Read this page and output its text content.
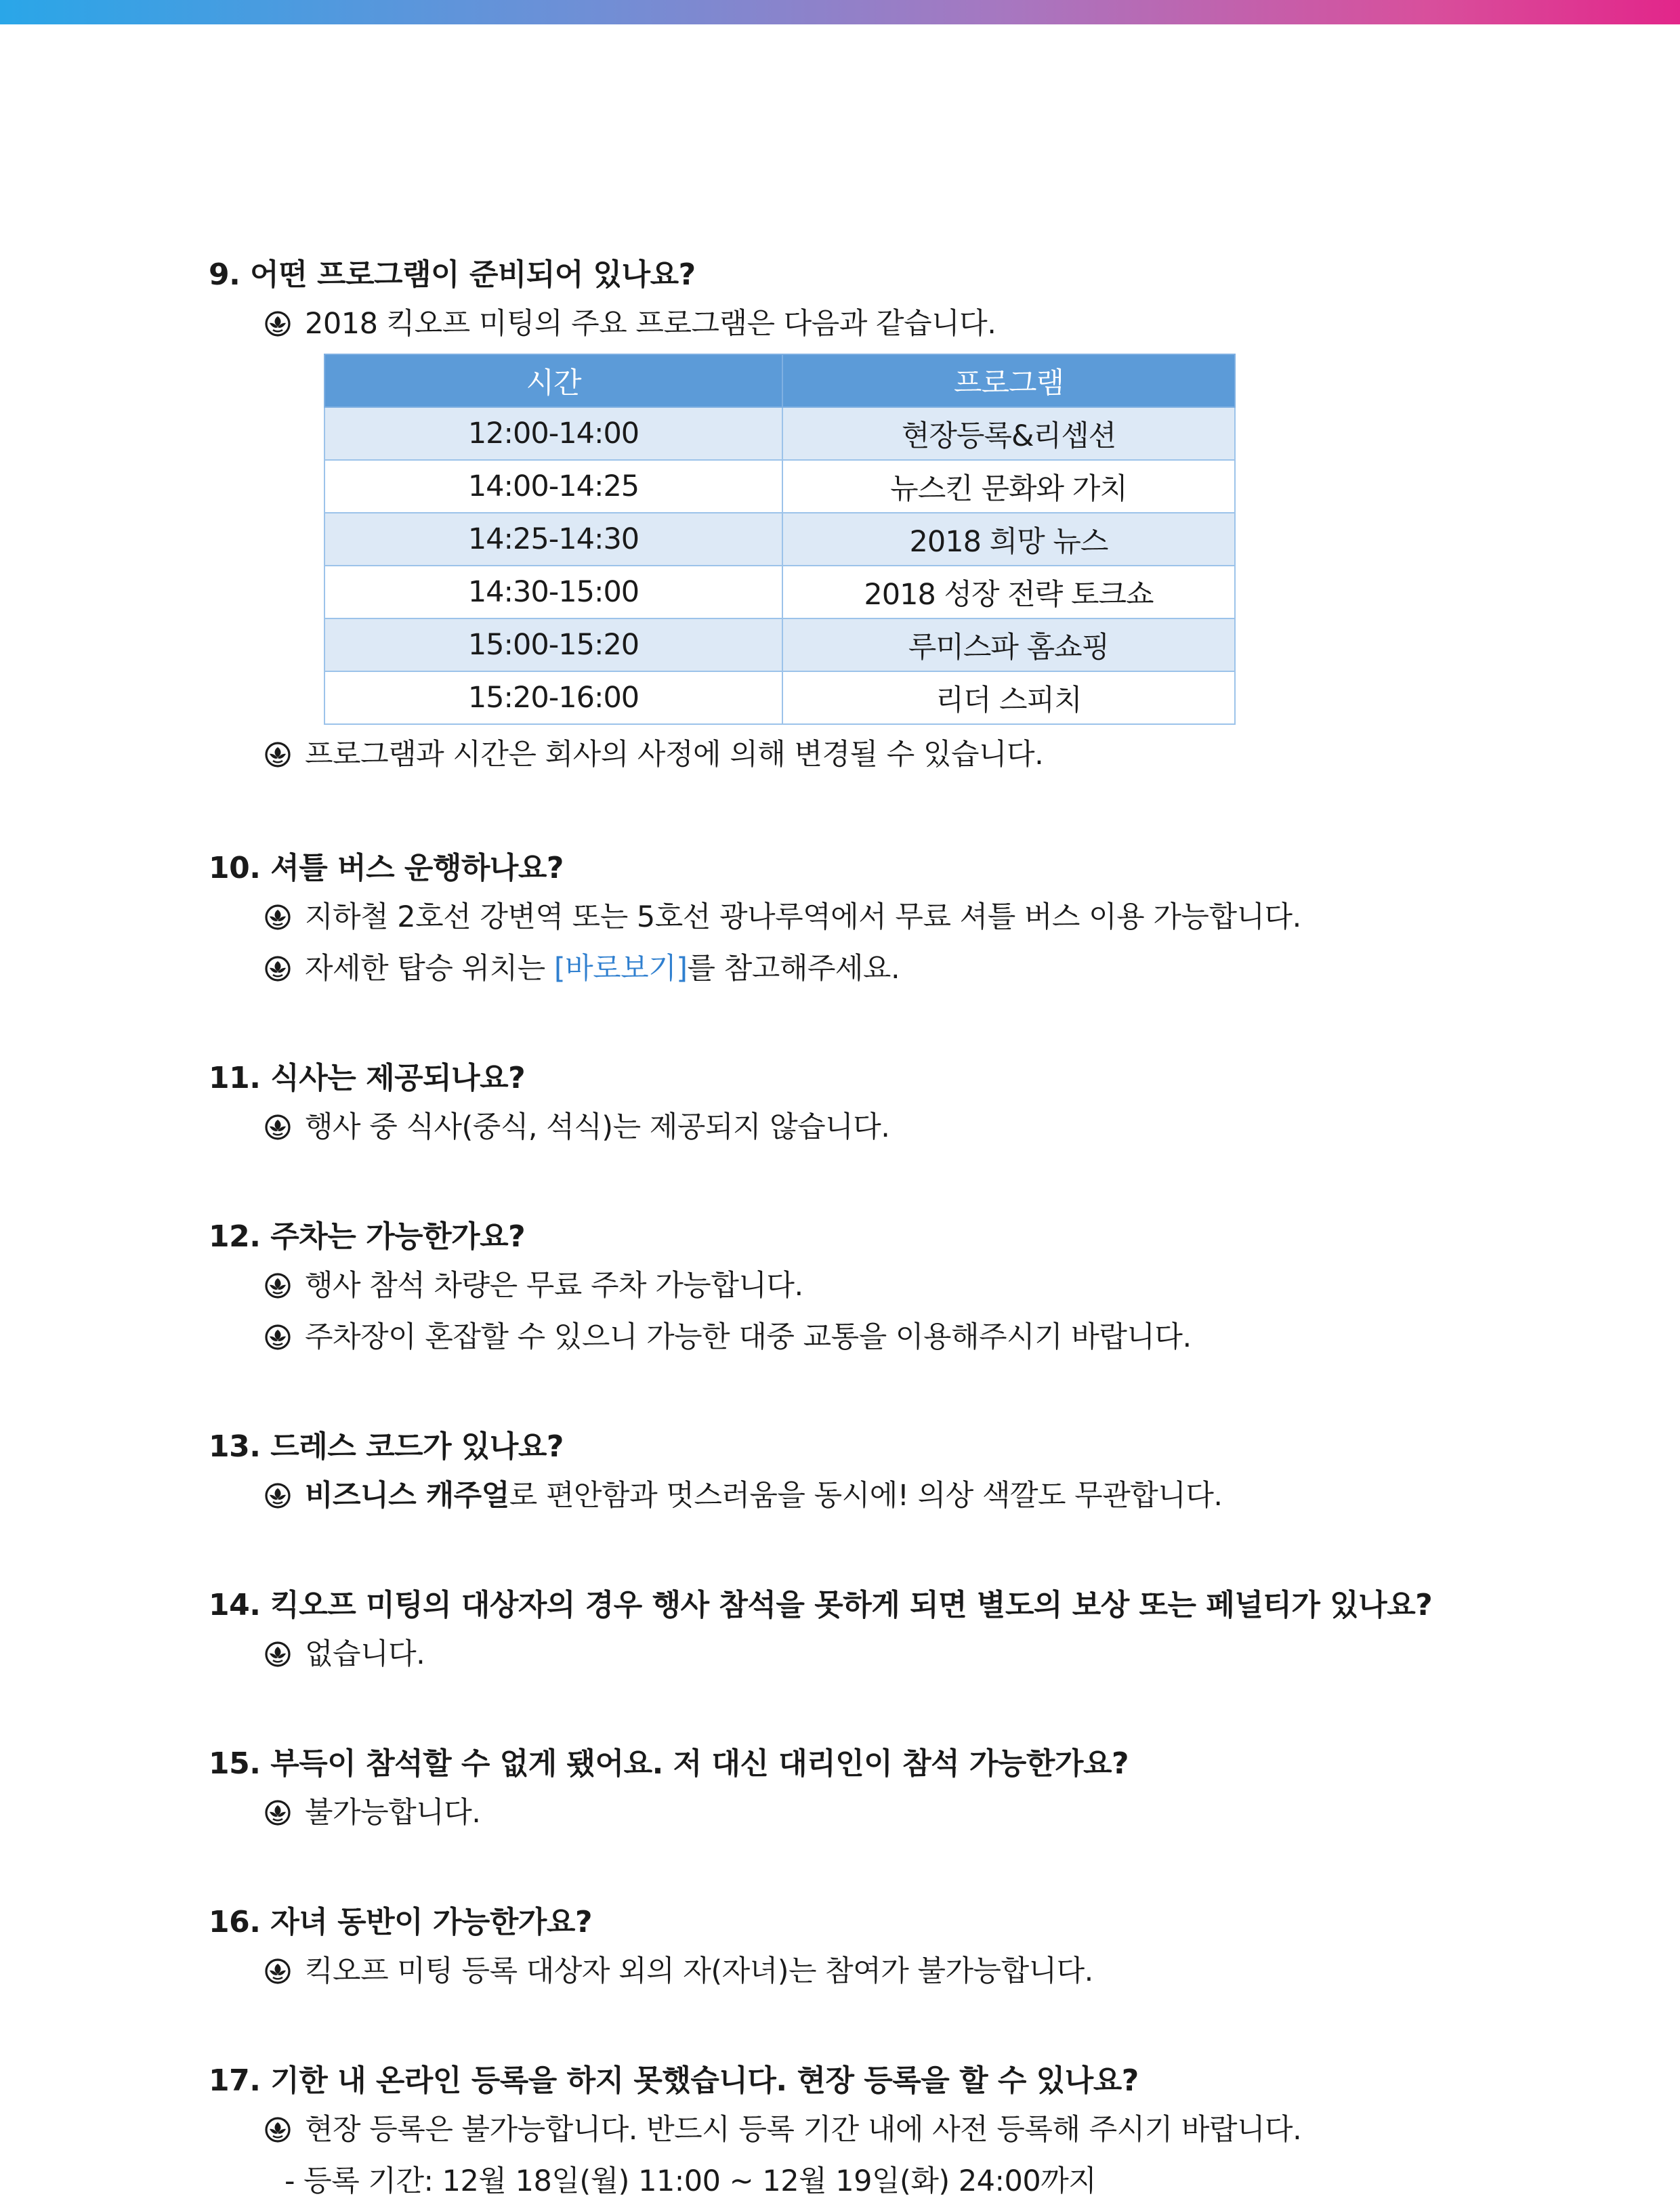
9. 어떤 프로그램이 준비되어 있나요?

2018 킥오프 미팅의 주요 프로그램은 다음과 같습니다.

시간	프로그램
12:00-14:00	현장등록&리셉션
14:00-14:25	뉴스킨 문화와 가치
14:25-14:30	2018 희망 뉴스
14:30-15:00	2018 성장 전략 토크쇼
15:00-15:20	루미스파 홈쇼핑
15:20-16:00	리더 스피치

프로그램과 시간은 회사의 사정에 의해 변경될 수 있습니다.

10. 셔틀 버스 운행하나요?

지하철 2호선 강변역 또는 5호선 광나루역에서 무료 셔틀 버스 이용 가능합니다.

자세한 탑승 위치는 [바로보기] 를 참고해주세요.

11. 식사는 제공되나요?

행사 중 식사(중식, 석식)는 제공되지 않습니다.

12. 주차는 가능한가요?

행사 참석 차량은 무료 주차 가능합니다.

주차장이 혼잡할 수 있으니 가능한 대중 교통을 이용해주시기 바랍니다.

13. 드레스 코드가 있나요?

비즈니스 캐주얼 로 편안함과 멋스러움을 동시에! 의상 색깔도 무관합니다.

14. 킥오프 미팅의 대상자의 경우 행사 참석을 못하게 되면 별도의 보상 또는 페널티가 있나요?

없습니다.

15. 부득이 참석할 수 없게 됐어요. 저 대신 대리인이 참석 가능한가요?

불가능합니다.

16. 자녀 동반이 가능한가요?

킥오프 미팅 등록 대상자 외의 자(자녀)는 참여가 불가능합니다.

17. 기한 내 온라인 등록을 하지 못했습니다. 현장 등록을 할 수 있나요?

현장 등록은 불가능합니다. 반드시 등록 기간 내에 사전 등록해 주시기 바랍니다.

- 등록 기간: 12월 18일(월) 11:00 ~ 12월 19일(화) 24:00까지
